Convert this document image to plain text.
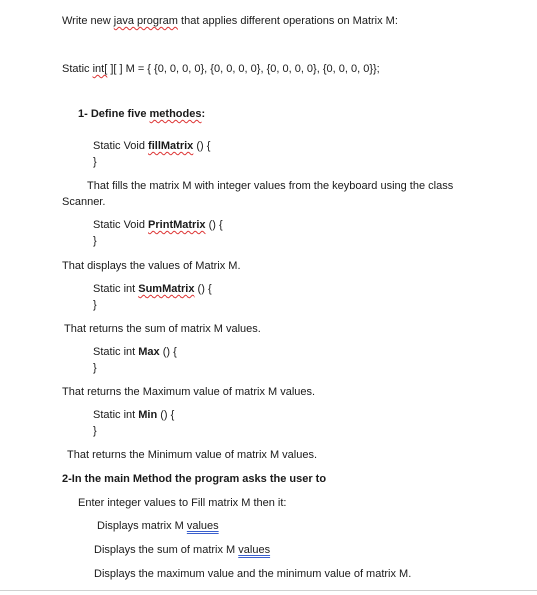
Write new java program that applies different operations on Matrix M:
Static int[ ][ ] M = { {0, 0, 0, 0}, {0, 0, 0, 0}, {0, 0, 0, 0}, {0, 0, 0, 0}};
1- Define five methodes:
Static Void fillMatrix () {
}
That fills the matrix M with integer values from the keyboard using the class
Scanner.
Static Void PrintMatrix () {
}
That displays the values of Matrix M.
Static int SumMatrix () {
}
That returns the sum of matrix M values.
Static int Max () {
}
That returns the Maximum value of matrix M values.
Static int Min () {
}
That returns the Minimum value of matrix M values.
2-In the main Method the program asks the user to
Enter integer values to Fill matrix M then it:
Displays matrix M values
Displays the sum of matrix M values
Displays the maximum value and the minimum value of matrix M.
